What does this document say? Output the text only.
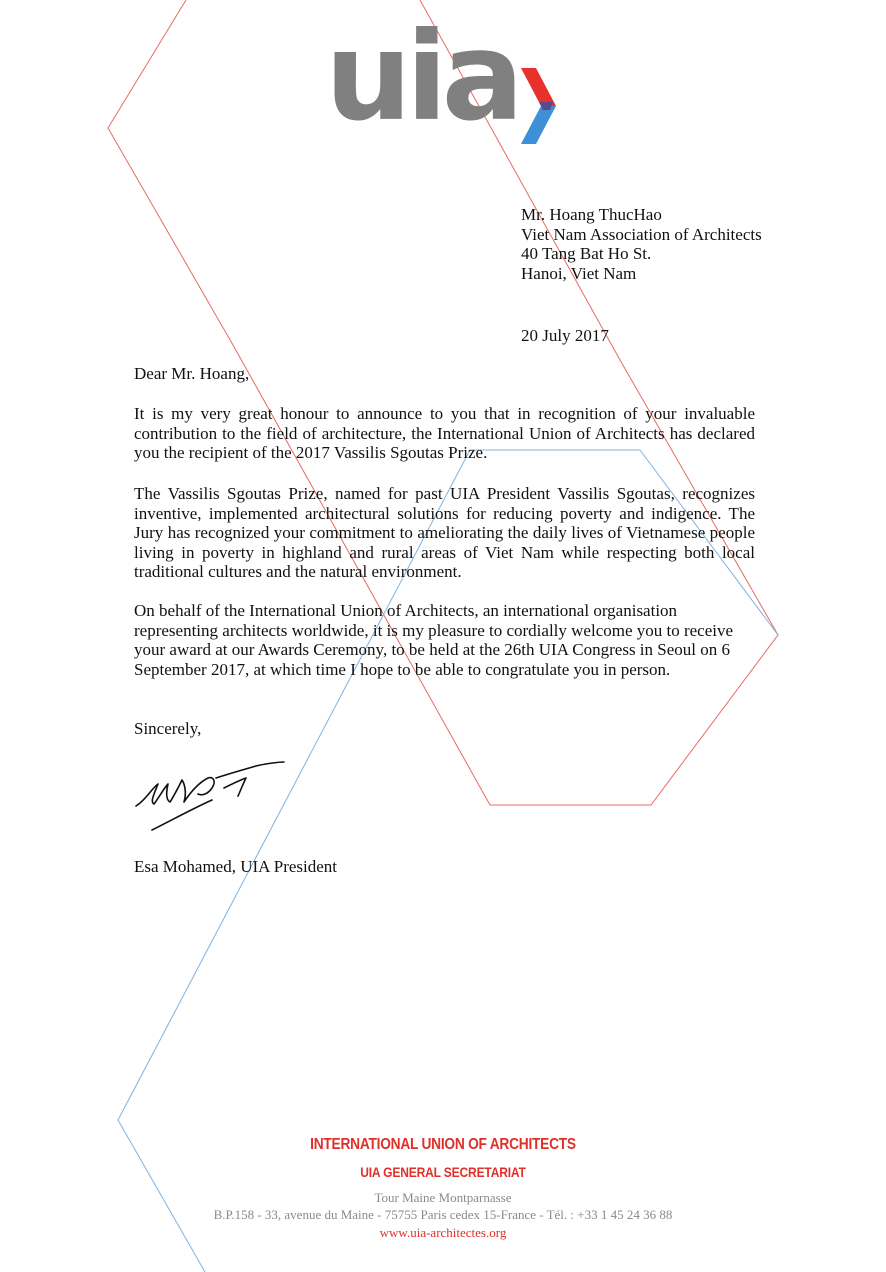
uia
Mr. Hoang ThucHao
Viet Nam Association of Architects
40 Tang Bat Ho St.
Hanoi, Viet Nam
20 July 2017
Dear Mr. Hoang,
It is my very great honour to announce to you that in recognition of your invaluable contribution to the field of architecture, the International Union of Architects has declared you the recipient of the 2017 Vassilis Sgoutas Prize.
The Vassilis Sgoutas Prize, named for past UIA President Vassilis Sgoutas, recognizes inventive, implemented architectural solutions for reducing poverty and indigence. The Jury has recognized your commitment to ameliorating the daily lives of Vietnamese people living in poverty in highland and rural areas of Viet Nam while respecting both local traditional cultures and the natural environment.
On behalf of the International Union of Architects, an international organisation representing architects worldwide, it is my pleasure to cordially welcome you to receive your award at our Awards Ceremony, to be held at the 26th UIA Congress in Seoul on 6 September 2017, at which time I hope to be able to congratulate you in person.
Sincerely,
Esa Mohamed, UIA President
INTERNATIONAL UNION OF ARCHITECTS
UIA GENERAL SECRETARIAT
Tour Maine Montparnasse
B.P.158 - 33, avenue du Maine - 75755 Paris cedex 15-France - Tél. : +33 1 45 24 36 88
www.uia-architectes.org
